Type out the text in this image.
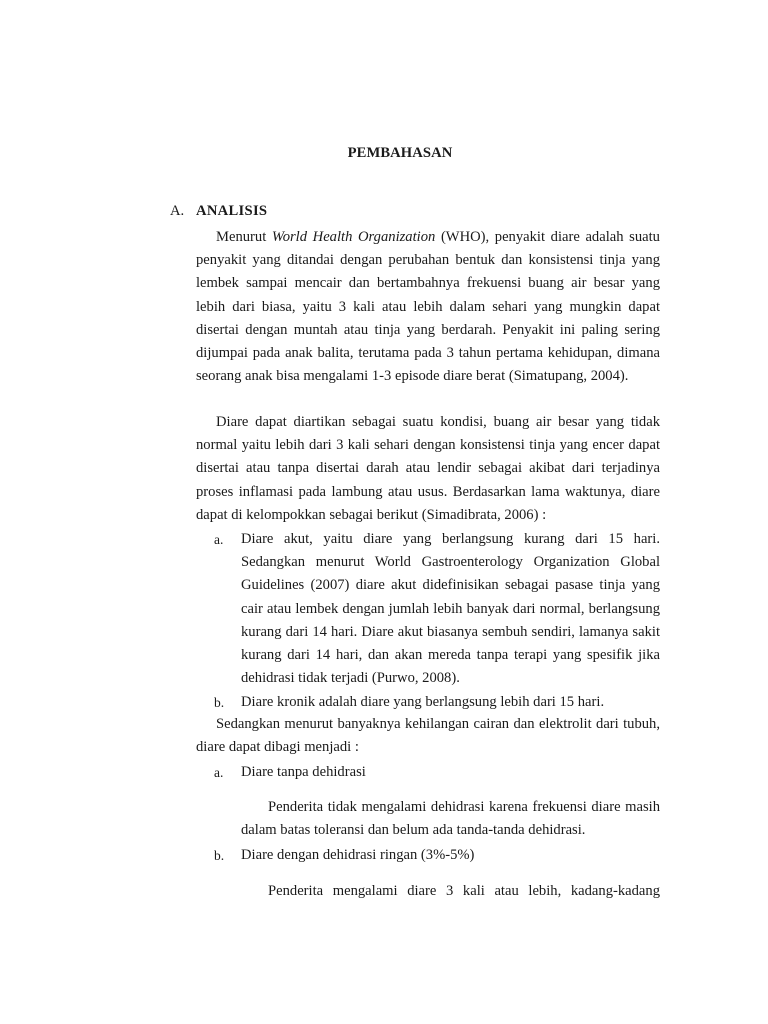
PEMBAHASAN
A. ANALISIS

Menurut World Health Organization (WHO), penyakit diare adalah suatu penyakit yang ditandai dengan perubahan bentuk dan konsistensi tinja yang lembek sampai mencair dan bertambahnya frekuensi buang air besar yang lebih dari biasa, yaitu 3 kali atau lebih dalam sehari yang mungkin dapat disertai dengan muntah atau tinja yang berdarah. Penyakit ini paling sering dijumpai pada anak balita, terutama pada 3 tahun pertama kehidupan, dimana seorang anak bisa mengalami 1-3 episode diare berat (Simatupang, 2004).

Diare dapat diartikan sebagai suatu kondisi, buang air besar yang tidak normal yaitu lebih dari 3 kali sehari dengan konsistensi tinja yang encer dapat disertai atau tanpa disertai darah atau lendir sebagai akibat dari terjadinya proses inflamasi pada lambung atau usus. Berdasarkan lama waktunya, diare dapat di kelompokkan sebagai berikut (Simadibrata, 2006) :

a.	Diare akut, yaitu diare yang berlangsung kurang dari 15 hari. Sedangkan menurut World Gastroenterology Organization Global Guidelines (2007) diare akut didefinisikan sebagai pasase tinja yang cair atau lembek dengan jumlah lebih banyak dari normal, berlangsung kurang dari 14 hari. Diare akut biasanya sembuh sendiri, lamanya sakit kurang dari 14 hari, dan akan mereda tanpa terapi yang spesifik jika dehidrasi tidak terjadi (Purwo, 2008).

b.	Diare kronik adalah diare yang berlangsung lebih dari 15 hari.

Sedangkan menurut banyaknya kehilangan cairan dan elektrolit dari tubuh, diare dapat dibagi menjadi :

a.	Diare tanpa dehidrasi

Penderita tidak mengalami dehidrasi karena frekuensi diare masih dalam batas toleransi dan belum ada tanda-tanda dehidrasi.

b.	Diare dengan dehidrasi ringan (3%-5%)

Penderita mengalami diare 3 kali atau lebih, kadang-kadang
